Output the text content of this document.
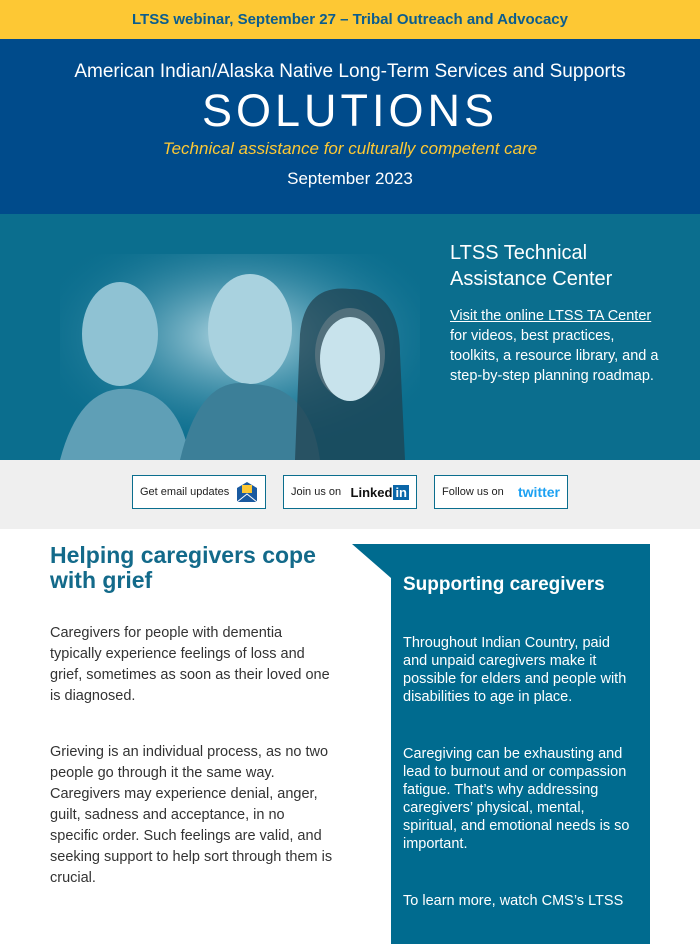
LTSS webinar, September 27 – Tribal Outreach and Advocacy
American Indian/Alaska Native Long-Term Services and Supports
SOLUTIONS
Technical assistance for culturally competent care
September 2023
LTSS Technical Assistance Center

Visit the online LTSS TA Center for videos, best practices, toolkits, a resource library, and a step-by-step planning roadmap.

Get email updates	Join us on Linked in	Follow us on twitter
Helping caregivers cope with grief

Caregivers for people with dementia typically experience feelings of loss and grief, sometimes as soon as their loved one is diagnosed.

Grieving is an individual process, as no two people go through it the same way. Caregivers may experience denial, anger, guilt, sadness and acceptance, in no specific order. Such feelings are valid, and seeking support to help sort through them is crucial.

Supporting caregivers

Throughout Indian Country, paid and unpaid caregivers make it possible for elders and people with disabilities to age in place.

Caregiving can be exhausting and lead to burnout and or compassion fatigue. That’s why addressing caregivers’ physical, mental, spiritual, and emotional needs is so important.

To learn more, watch CMS’s LTSS
